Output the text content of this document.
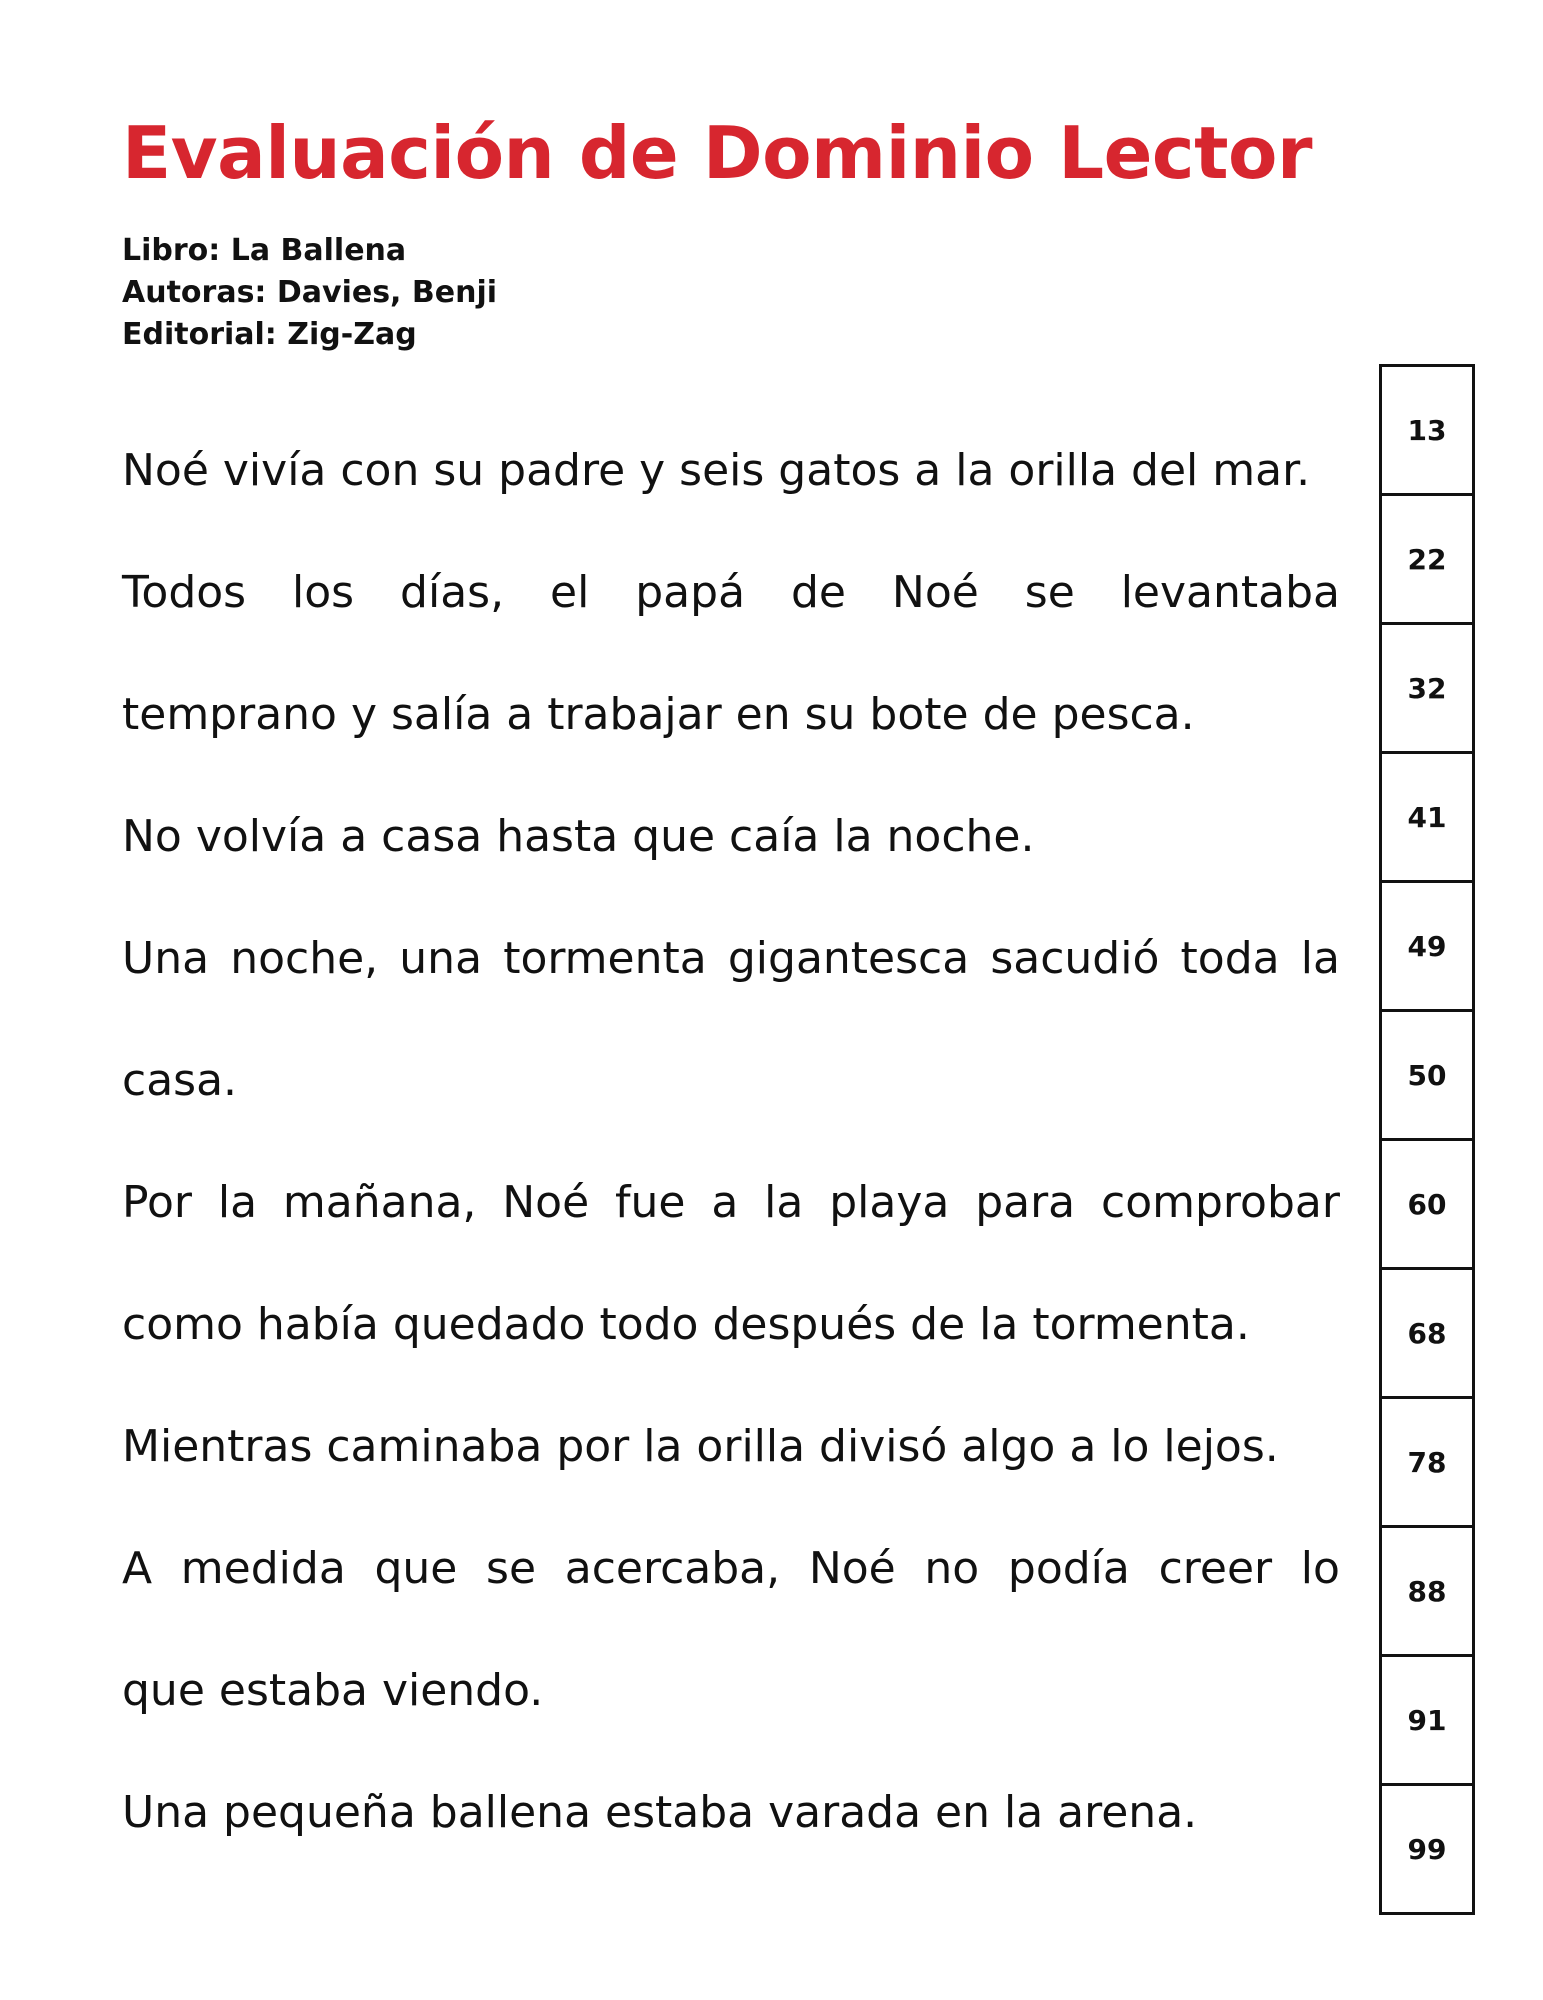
Evaluación de Dominio Lector
Libro: La Ballena
Autoras: Davies, Benji
Editorial: Zig-Zag
Noé vivía con su padre y seis gatos a la orilla del mar.
Todos los días, el papá de Noé se levantaba
temprano y salía a trabajar en su bote de pesca.
No volvía a casa hasta que caía la noche.
Una noche, una tormenta gigantesca sacudió toda la
casa.
Por la mañana, Noé fue a la playa para comprobar
como había quedado todo después de la tormenta.
Mientras caminaba por la orilla divisó algo a lo lejos.
A medida que se acercaba, Noé no podía creer lo
que estaba viendo.
Una pequeña ballena estaba varada en la arena.
13
22
32
41
49
50
60
68
78
88
91
99
